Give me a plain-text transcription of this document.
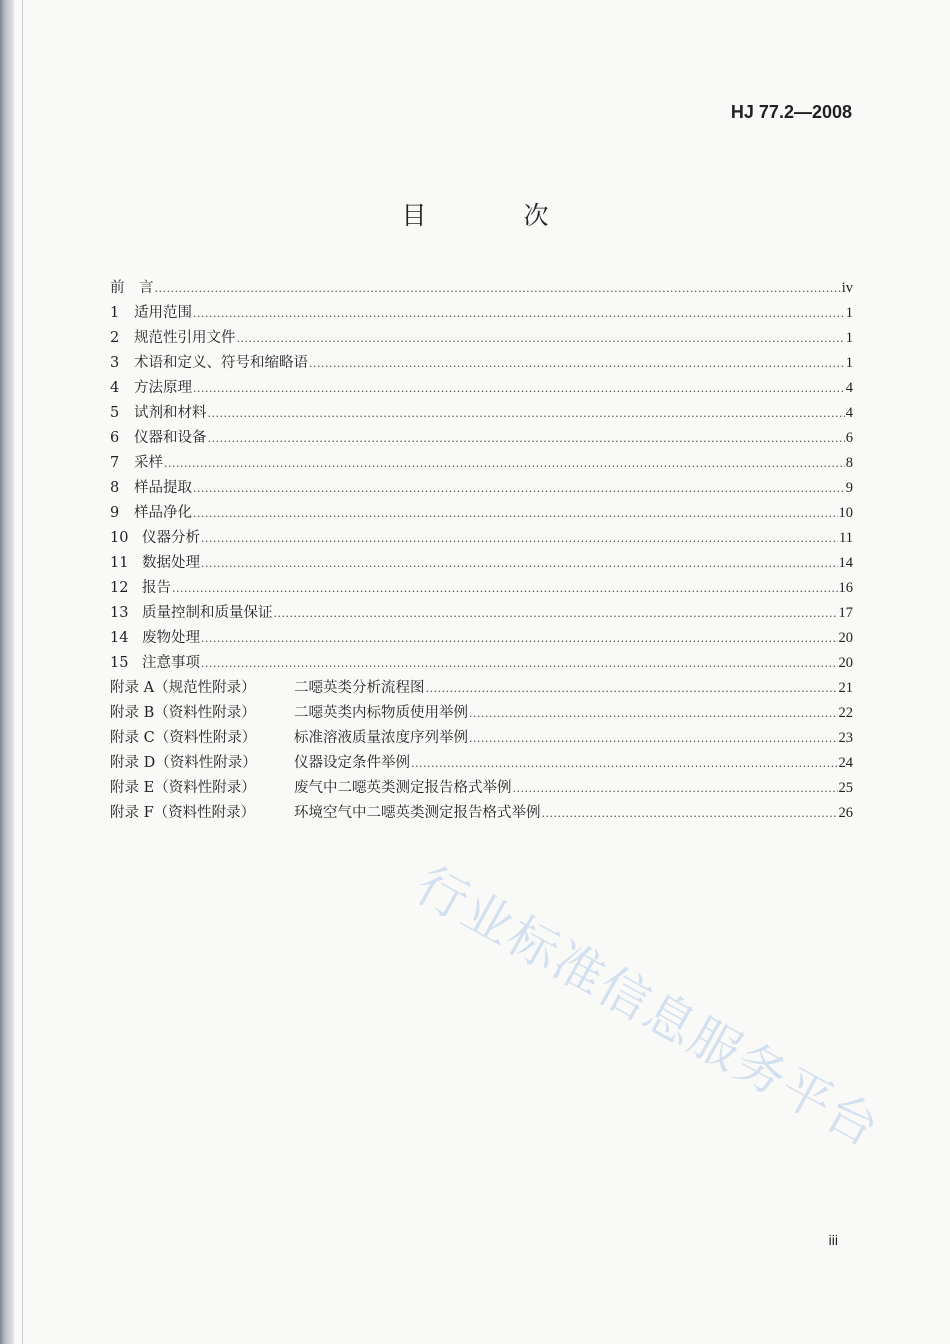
HJ 77.2—2008
目　次
前　言 .....	iv
1 适用范围 .....	1
2 规范性引用文件 .....	1
3 术语和定义、符号和缩略语 .....	1
4 方法原理 .....	4
5 试剂和材料 .....	4
6 仪器和设备 .....	6
7 采样 .....	8
8 样品提取 .....	9
9 样品净化 .....	10
10 仪器分析 .....	11
11 数据处理 .....	14
12 报告 .....	16
13 质量控制和质量保证 .....	17
14 废物处理 .....	20
15 注意事项 .....	20
附录 A（规范性附录）	二噁英类分析流程图 .....	21
附录 B（资料性附录）	二噁英类内标物质使用举例 .....	22
附录 C（资料性附录）	标准溶液质量浓度序列举例 .....	23
附录 D（资料性附录）	仪器设定条件举例 .....	24
附录 E（资料性附录）	废气中二噁英类测定报告格式举例 .....	25
附录 F（资料性附录）	环境空气中二噁英类测定报告格式举例 .....	26
行业标准信息服务平台
iii
